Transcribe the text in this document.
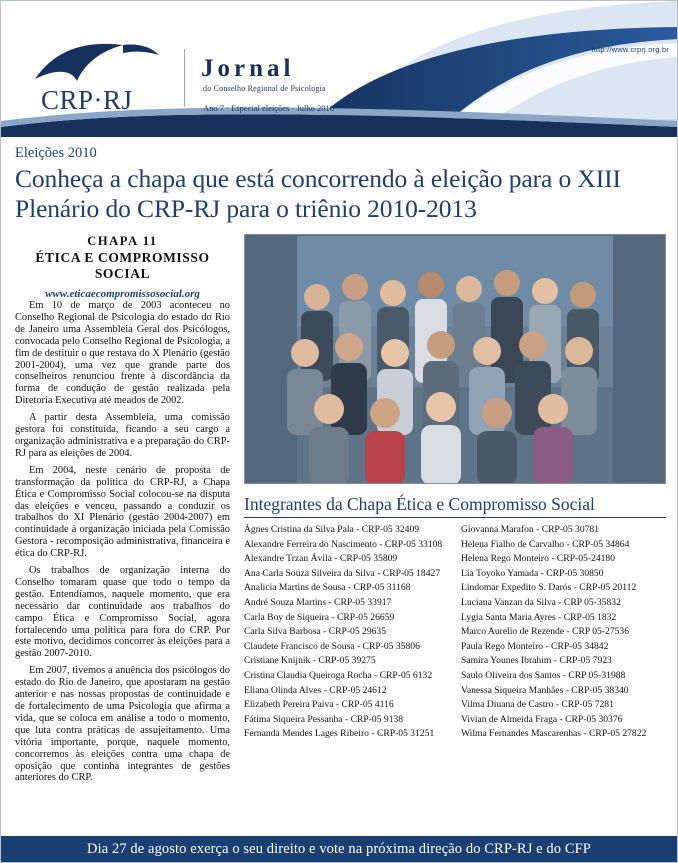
http://www.crprj.org.br
CRP·RJ
Jornal
do Conselho Regional de Psicologia
Ano 7 · Especial eleições · Julho 2010
Eleições 2010
Conheça a chapa que está concorrendo à eleição para o XIII Plenário do CRP-RJ para o triênio 2010-2013
CHAPA 11
ÉTICA E COMPROMISSO SOCIAL
www.eticaecompromissosocial.org

Em 10 de março de 2003 aconteceu no Conselho Regional de Psicologia do estado do Rio de Janeiro uma Assembleia Geral dos Psicólogos, convocada pelo Conselho Regional de Psicologia, a fim de destituir o que restava do X Plenário (gestão 2001-2004), uma vez que grande parte dos conselheiros renunciou frente à discordância da forma de condução de gestão realizada pela Diretoria Executiva até meados de 2002.

A partir desta Assembleia, uma comissão gestora foi constituída, ficando a seu cargo a organização administrativa e a preparação do CRP-RJ para as eleições de 2004.

Em 2004, neste cenário de proposta de transformação da política do CRP-RJ, a Chapa Ética e Compromisso Social colocou-se na disputa das eleições e venceu, passando a conduzir os trabalhos do XI Plenário (gestão 2004-2007) em continuidade à organização iniciada pela Comissão Gestora - recomposição administrativa, financeira e ética do CRP-RJ.

Os trabalhos de organização interna do Conselho tomaram quase que todo o tempo da gestão. Entendíamos, naquele momento, que era necessário dar continuidade aos trabalhos do campo Ética e Compromisso Social, agora fortalecendo uma política para fora do CRP. Por este motivo, decidimos concorrer às eleições para a gestão 2007-2010.

Em 2007, tivemos a anuência dos psicólogos do estado do Rio de Janeiro, que apostaram na gestão anterior e nas nossas propostas de continuidade e de fortalecimento de uma Psicologia que afirma a vida, que se coloca em análise a todo o momento, que luta contra práticas de assujeitamento. Uma vitória importante, porque, naquele momento, concorremos às eleições contra uma chapa de oposição que continha integrantes de gestões anteriores do CRP.

Integrantes da Chapa Ética e Compromisso Social
Ágnes Cristina da Silva Pala - CRP-05 32409
Alexandre Ferreira do Nascimento - CRP-05 33108
Alexandre Trzan Ávila - CRP-05 35809
Ana Carla Souza Silveira da Silva - CRP-05 18427
Analicia Martins de Sousa - CRP-05 31168
André Souza Martins - CRP-05 33917
Carla Boy de Siqueira - CRP-05 26659
Carla Silva Barbosa - CRP-05 29635
Claudete Francisco de Sousa - CRP-05 35806
Cristiane Knijnik - CRP-05 39275
Cristina Claudia Queiroga Rocha - CRP-05 6132
Eliana Olinda Alves - CRP-05 24612
Elizabeth Pereira Paiva - CRP-05 4116
Fátima Siqueira Pessanha - CRP-05 9138
Fernanda Mendes Lages Ribeiro - CRP-05 31251
Giovanna Marafon - CRP-05 30781
Helena Fialho de Carvalho - CRP-05 34864
Helena Rego Monteiro - CRP-05-24180
Lia Toyoko Yamada - CRP-05 30850
Lindomar Expedito S. Darós - CRP-05 20112
Luciana Vanzan da Silva - CRP 05-35832
Lygia Santa Maria Ayres - CRP-05 1832
Marco Aurelio de Rezende - CRP 05-27536
Paula Rego Monteiro - CRP-05 34842
Samira Younes Ibrahim - CRP-05 7923
Saulo Oliveira dos Santos - CRP 05-31988
Vanessa Siqueira Manhães - CRP-05 38340
Vilma Diuana de Castro - CRP-05 7281
Vivian de Almeida Fraga - CRP-05 30376
Wilma Fernandes Mascarenhas - CRP-05 27822
Dia 27 de agosto exerça o seu direito e vote na próxima direção do CRP-RJ e do CFP
